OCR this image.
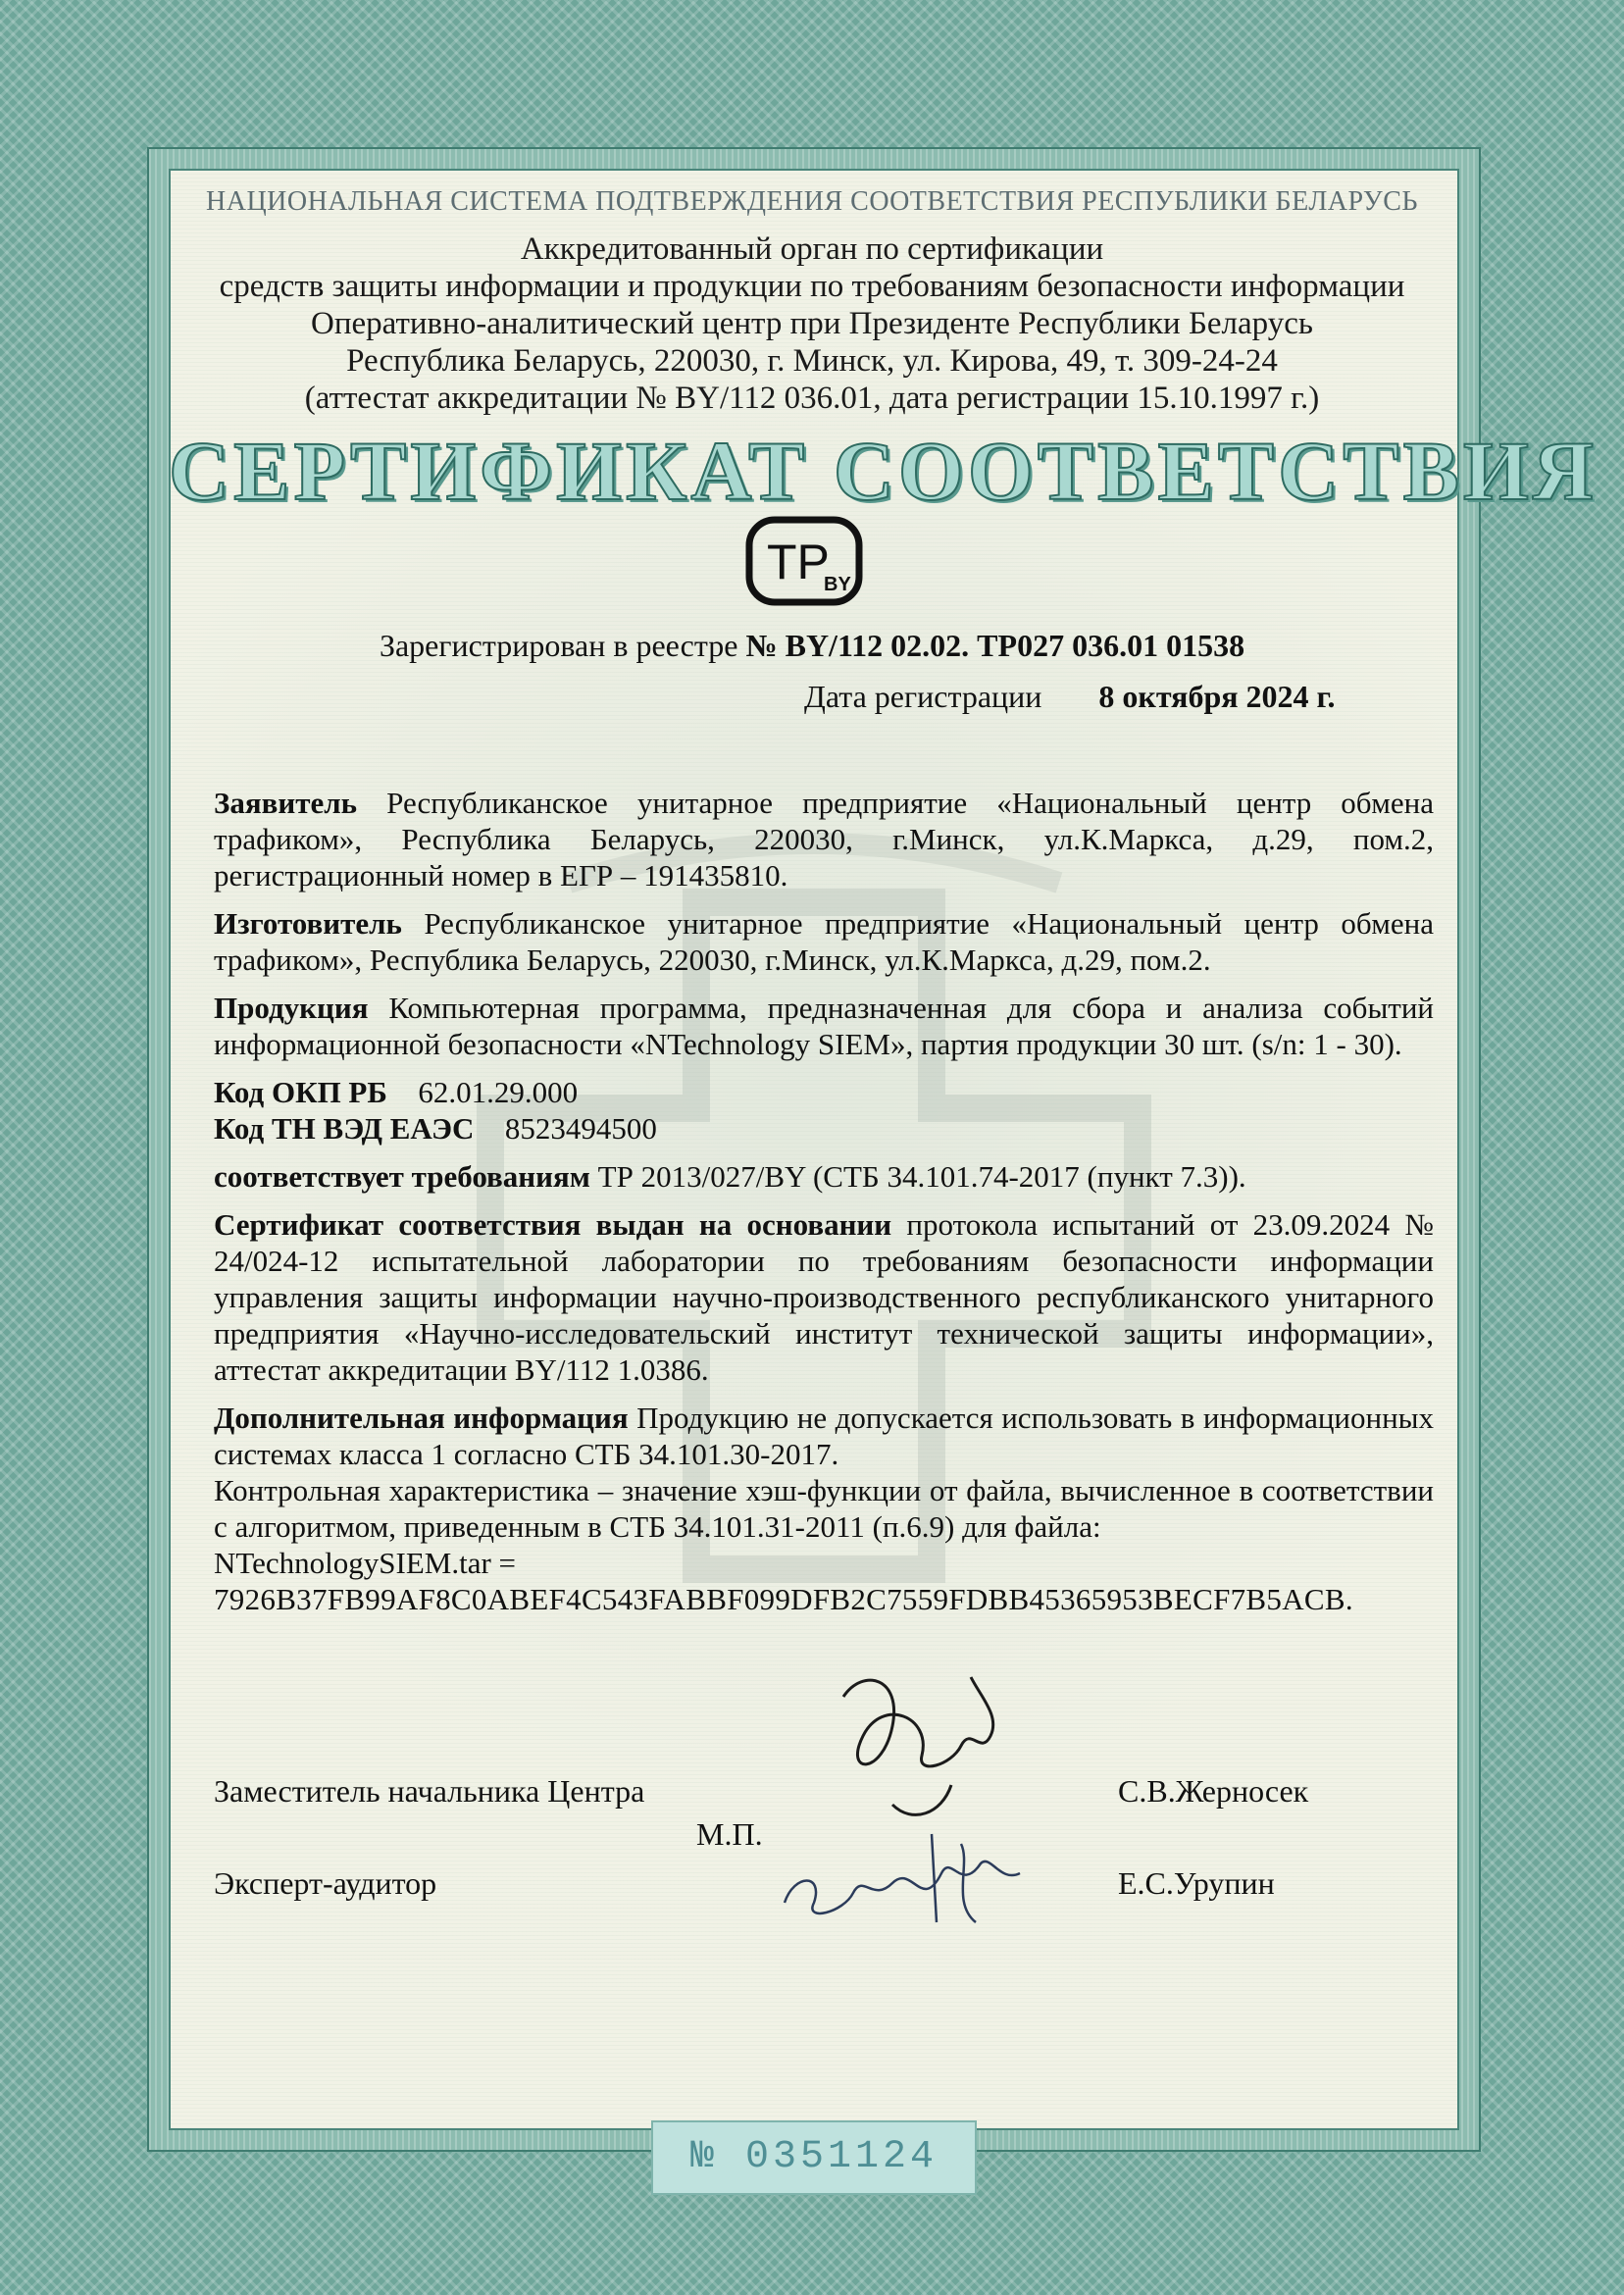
НАЦИОНАЛЬНАЯ СИСТЕМА ПОДТВЕРЖДЕНИЯ СООТВЕТСТВИЯ РЕСПУБЛИКИ БЕЛАРУСЬ
Аккредитованный орган по сертификации
средств защиты информации и продукции по требованиям безопасности информации
Оперативно-аналитический центр при Президенте Республики Беларусь
Республика Беларусь, 220030, г. Минск, ул. Кирова, 49, т. 309-24-24
(аттестат аккредитации № BY/112 036.01, дата регистрации 15.10.1997 г.)
СЕРТИФИКАТ СООТВЕТСТВИЯ
TP
BY
Зарегистрирован в реестре № BY/112 02.02. ТР027 036.01 01538
Дата регистрации 8 октября 2024 г.

Заявитель Республиканское унитарное предприятие «Национальный центр обмена трафиком», Республика Беларусь, 220030, г.Минск, ул.К.Маркса, д.29, пом.2, регистрационный номер в ЕГР – 191435810.

Изготовитель Республиканское унитарное предприятие «Национальный центр обмена трафиком», Республика Беларусь, 220030, г.Минск, ул.К.Маркса, д.29, пом.2.

Продукция Компьютерная программа, предназначенная для сбора и анализа событий информационной безопасности «NTechnology SIEM», партия продукции 30 шт. (s/n: 1 - 30).

Код ОКП РБ 62.01.29.000
Код ТН ВЭД ЕАЭС 8523494500

соответствует требованиям ТР 2013/027/BY (СТБ 34.101.74-2017 (пункт 7.3)).

Сертификат соответствия выдан на основании протокола испытаний от 23.09.2024 № 24/024-12 испытательной лаборатории по требованиям безопасности информации управления защиты информации научно-производственного республиканского унитарного предприятия «Научно-исследовательский институт технической защиты информации», аттестат аккредитации BY/112 1.0386.

Дополнительная информация Продукцию не допускается использовать в информационных системах класса 1 согласно СТБ 34.101.30-2017.

Контрольная характеристика – значение хэш-функции от файла, вычисленное в соответствии с алгоритмом, приведенным в СТБ 34.101.31-2011 (п.6.9) для файла:

NTechnologySIEM.tar =
7926B37FB99AF8C0ABEF4C543FABBF099DFB2C7559FDBB45365953BECF7B5ACB.
Заместитель начальника Центра	С.В.Жерносек
М.П.
Эксперт-аудитор	Е.С.Урупин
№ 0351124
